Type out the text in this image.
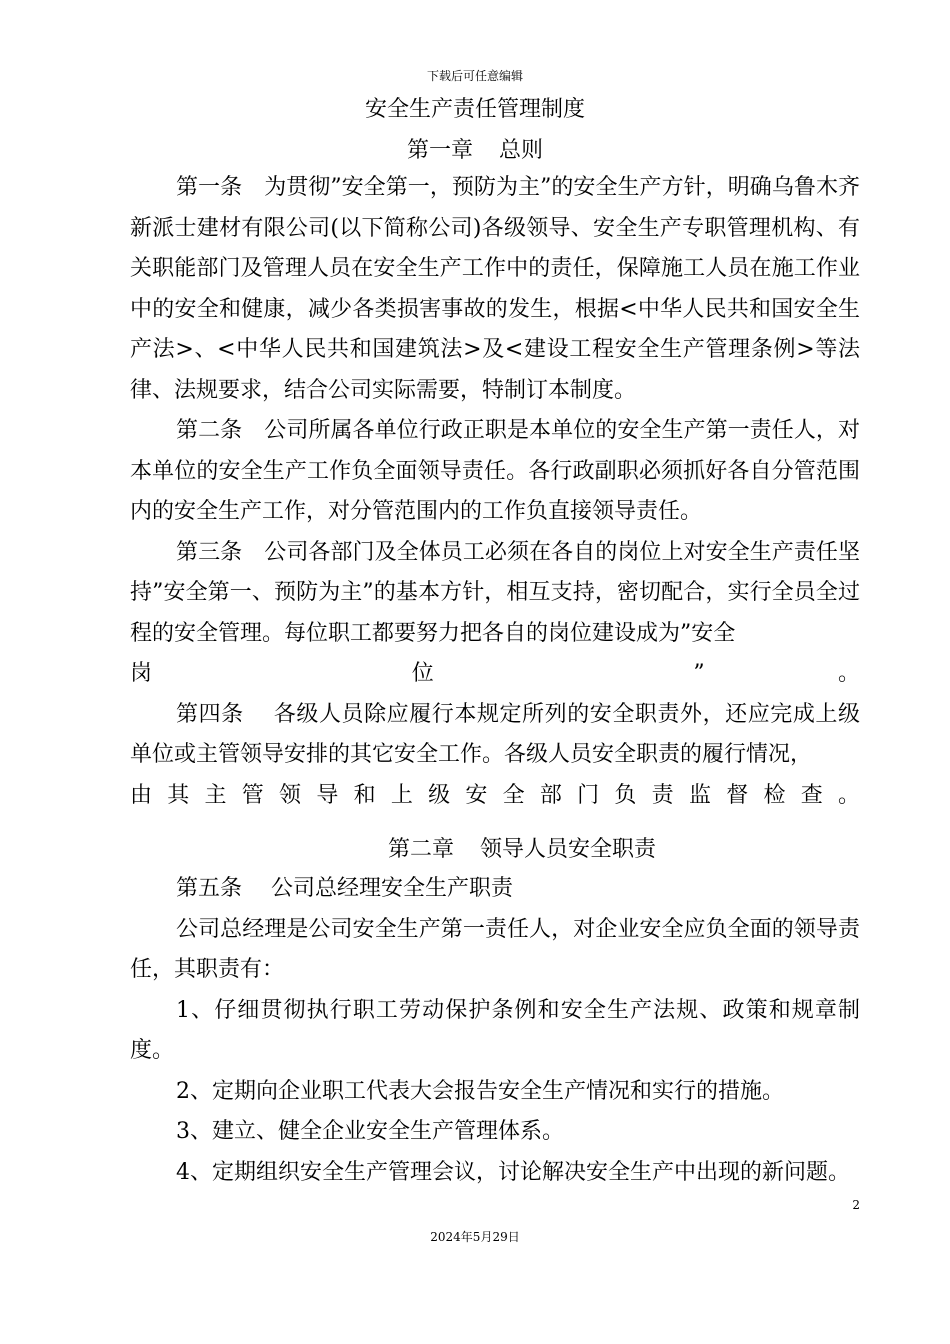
下载后可任意编辑
安全生产责任管理制度
第一章 总则

第一条　为贯彻”安全第一，预防为主”的安全生产方针，明确乌鲁木齐新派士建材有限公司(以下简称公司)各级领导、安全生产专职管理机构、有关职能部门及管理人员在安全生产工作中的责任，保障施工人员在施工作业中的安全和健康，减少各类损害事故的发生，根据<中华人民共和国安全生产法>、<中华人民共和国建筑法>及<建设工程安全生产管理条例>等法律、法规要求，结合公司实际需要，特制订本制度。

第二条　公司所属各单位行政正职是本单位的安全生产第一责任人，对本单位的安全生产工作负全面领导责任。各行政副职必须抓好各自分管范围内的安全生产工作，对分管范围内的工作负直接领导责任。

第三条　公司各部门及全体员工必须在各自的岗位上对安全生产责任坚持”安全第一、预防为主”的基本方针，相互支持，密切配合，实行全员全过程的安全管理。每位职工都要努力把各自的岗位建设成为”安全

岗 位 ” 。

第四条　 各级人员除应履行本规定所列的安全职责外，还应完成上级单位或主管领导安排的其它安全工作。各级人员安全职责的履行情况，

由 其 主 管 领 导 和 上 级 安 全 部 门 负 责 监 督 检 查 。

第二章 领导人员安全职责

第五条　 公司总经理安全生产职责

公司总经理是公司安全生产第一责任人，对企业安全应负全面的领导责任，其职责有：

1、仔细贯彻执行职工劳动保护条例和安全生产法规、政策和规章制度。

2、定期向企业职工代表大会报告安全生产情况和实行的措施。

3、建立、健全企业安全生产管理体系。

4、定期组织安全生产管理会议，讨论解决安全生产中出现的新问题。

2
2024年5月29日
